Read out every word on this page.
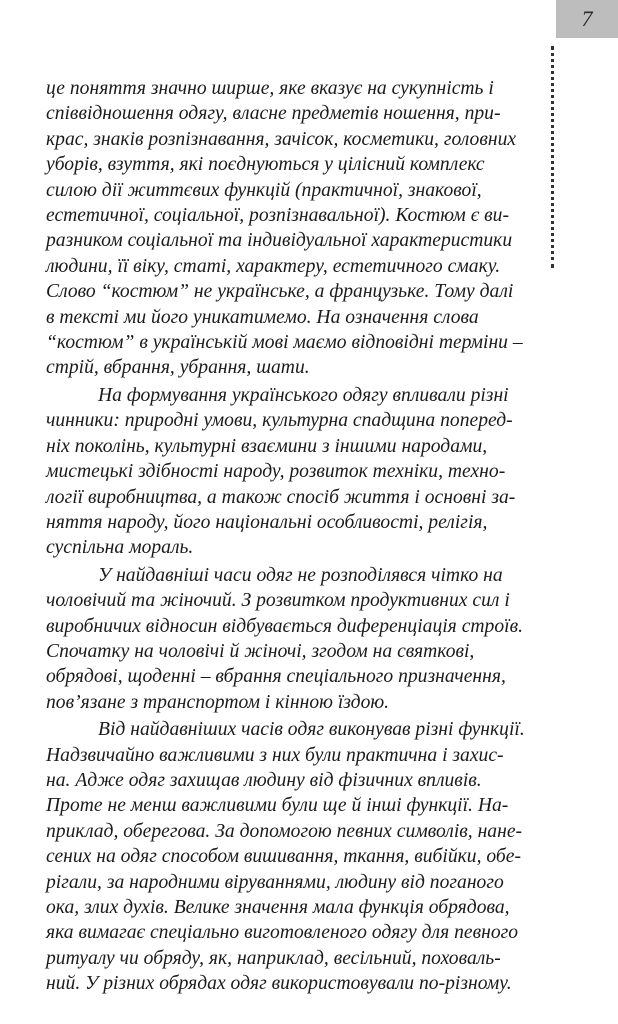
7

це поняття значно ширше, яке вказує на сукупність і
співвідношення одягу, власне предметів ношення, при-
крас, знаків розпізнавання, зачісок, косметики, головних
уборів, взуття, які поєднуються у цілісний комплекс
силою дії життєвих функцій (практичної, знакової,
естетичної, соціальної, розпізнавальної). Костюм є ви-
разником соціальної та індивідуальної характеристики
людини, її віку, статі, характеру, естетичного смаку.
Слово “костюм” не українське, а французьке. Тому далі
в тексті ми його уникатимемо. На означення слова
“костюм” в українській мові маємо відповідні терміни –
стрій, вбрання, убрання, шати.

На формування українського одягу впливали різні
чинники: природні умови, культурна спадщина поперед-
ніх поколінь, культурні взаємини з іншими народами,
мистецькі здібності народу, розвиток техніки, техно-
логії виробництва, а також спосіб життя і основні за-
няття народу, його національні особливості, релігія,
суспільна мораль.

У найдавніші часи одяг не розподілявся чітко на
чоловічий та жіночий. З розвитком продуктивних сил і
виробничих відносин відбувається диференціація строїв.
Спочатку на чоловічі й жіночі, згодом на святкові,
обрядові, щоденні – вбрання спеціального призначення,
пов’язане з транспортом і кінною їздою.

Від найдавніших часів одяг виконував різні функції.
Надзвичайно важливими з них були практична і захис-
на. Адже одяг захищав людину від фізичних впливів.
Проте не менш важливими були ще й інші функції. На-
приклад, оберегова. За допомогою певних символів, нане-
сених на одяг способом вишивання, ткання, вибійки, обе-
рігали, за народними віруваннями, людину від поганого
ока, злих духів. Велике значення мала функція обрядова,
яка вимагає спеціально виготовленого одягу для певного
ритуалу чи обряду, як, наприклад, весільний, поховаль-
ний. У різних обрядах одяг використовували по-різному.
